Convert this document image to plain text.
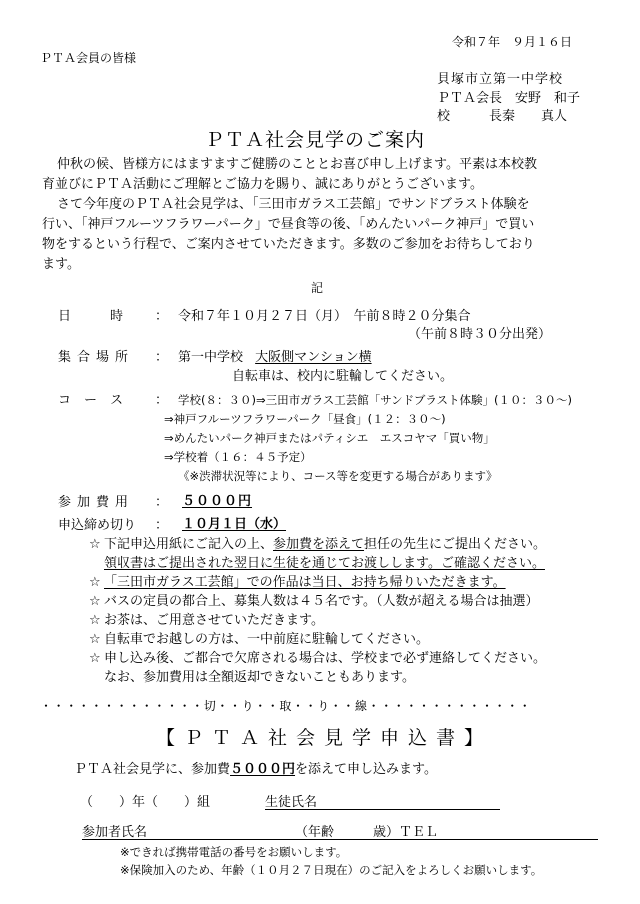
令和７年　９月１６日
ＰＴＡ会員の皆様
貝塚市立第一中学校
ＰＴＡ会長　安野　和子
校　　　長秦　　真人
ＰＴＡ社会見学のご案内
仲秋の候、皆様方にはますますご健勝のこととお喜び申し上げます。平素は本校教
育並びにＰＴＡ活動にご理解とご協力を賜り、誠にありがとうございます。
さて今年度のＰＴＡ社会見学は、「三田市ガラス工芸館」でサンドブラスト体験を
行い、「神戸フルーツフラワーパーク」で昼食等の後、「めんたいパーク神戸」で買い
物をするという行程で、ご案内させていただきます。多数のご参加をお待ちしており
ます。
記
日　　　時 ： 令和７年１０月２７日（月）　午前８時２０分集合
（午前８時３０分出発）
集合場所 ： 第一中学校 大阪側マンション横
自転車は、校内に駐輪してください。
コ　ー　ス ： 学校(８：３０)⇒三田市ガラス工芸館「サンドブラスト体験」(１０：３０～)
⇒神戸フルーツフラワーパーク「昼食」(１２：３０～)
⇒めんたいパーク神戸またはパティシエ　エスコヤマ「買い物」
⇒学校着（１６：４５予定）
《※渋滞状況等により、コース等を変更する場合があります》
参加費用 ： ５０００円
申込締め切り ： １０月１日（水）
☆ 下記申込用紙にご記入の上、参加費を添えて担任の先生にご提出ください。
領収書はご提出された翌日に生徒を通じてお渡しします。ご確認ください。
☆ 「三田市ガラス工芸館」での作品は当日、お持ち帰りいただきます。
☆ バスの定員の都合上、募集人数は４５名です。（人数が超える場合は抽選）
☆ お茶は、ご用意させていただきます。
☆ 自転車でお越しの方は、一中前庭に駐輪してください。
☆ 申し込み後、ご都合で欠席される場合は、学校まで必ず連絡してください。
なお、参加費用は全額返却できないこともあります。
・・・・・・・・・・・・・切・・り・・取・・り・・線・・・・・・・・・・・・・
【ＰＴＡ社会見学申込書】
ＰＴＡ社会見学に、参加費５０００円を添えて申し込みます。
（　　）年（　　）組	生徒氏名
参加者氏名	（年齢　　　歳）ＴＥＬ
※できれば携帯電話の番号をお願いします。
※保険加入のため、年齢（１０月２７日現在）のご記入をよろしくお願いします。
